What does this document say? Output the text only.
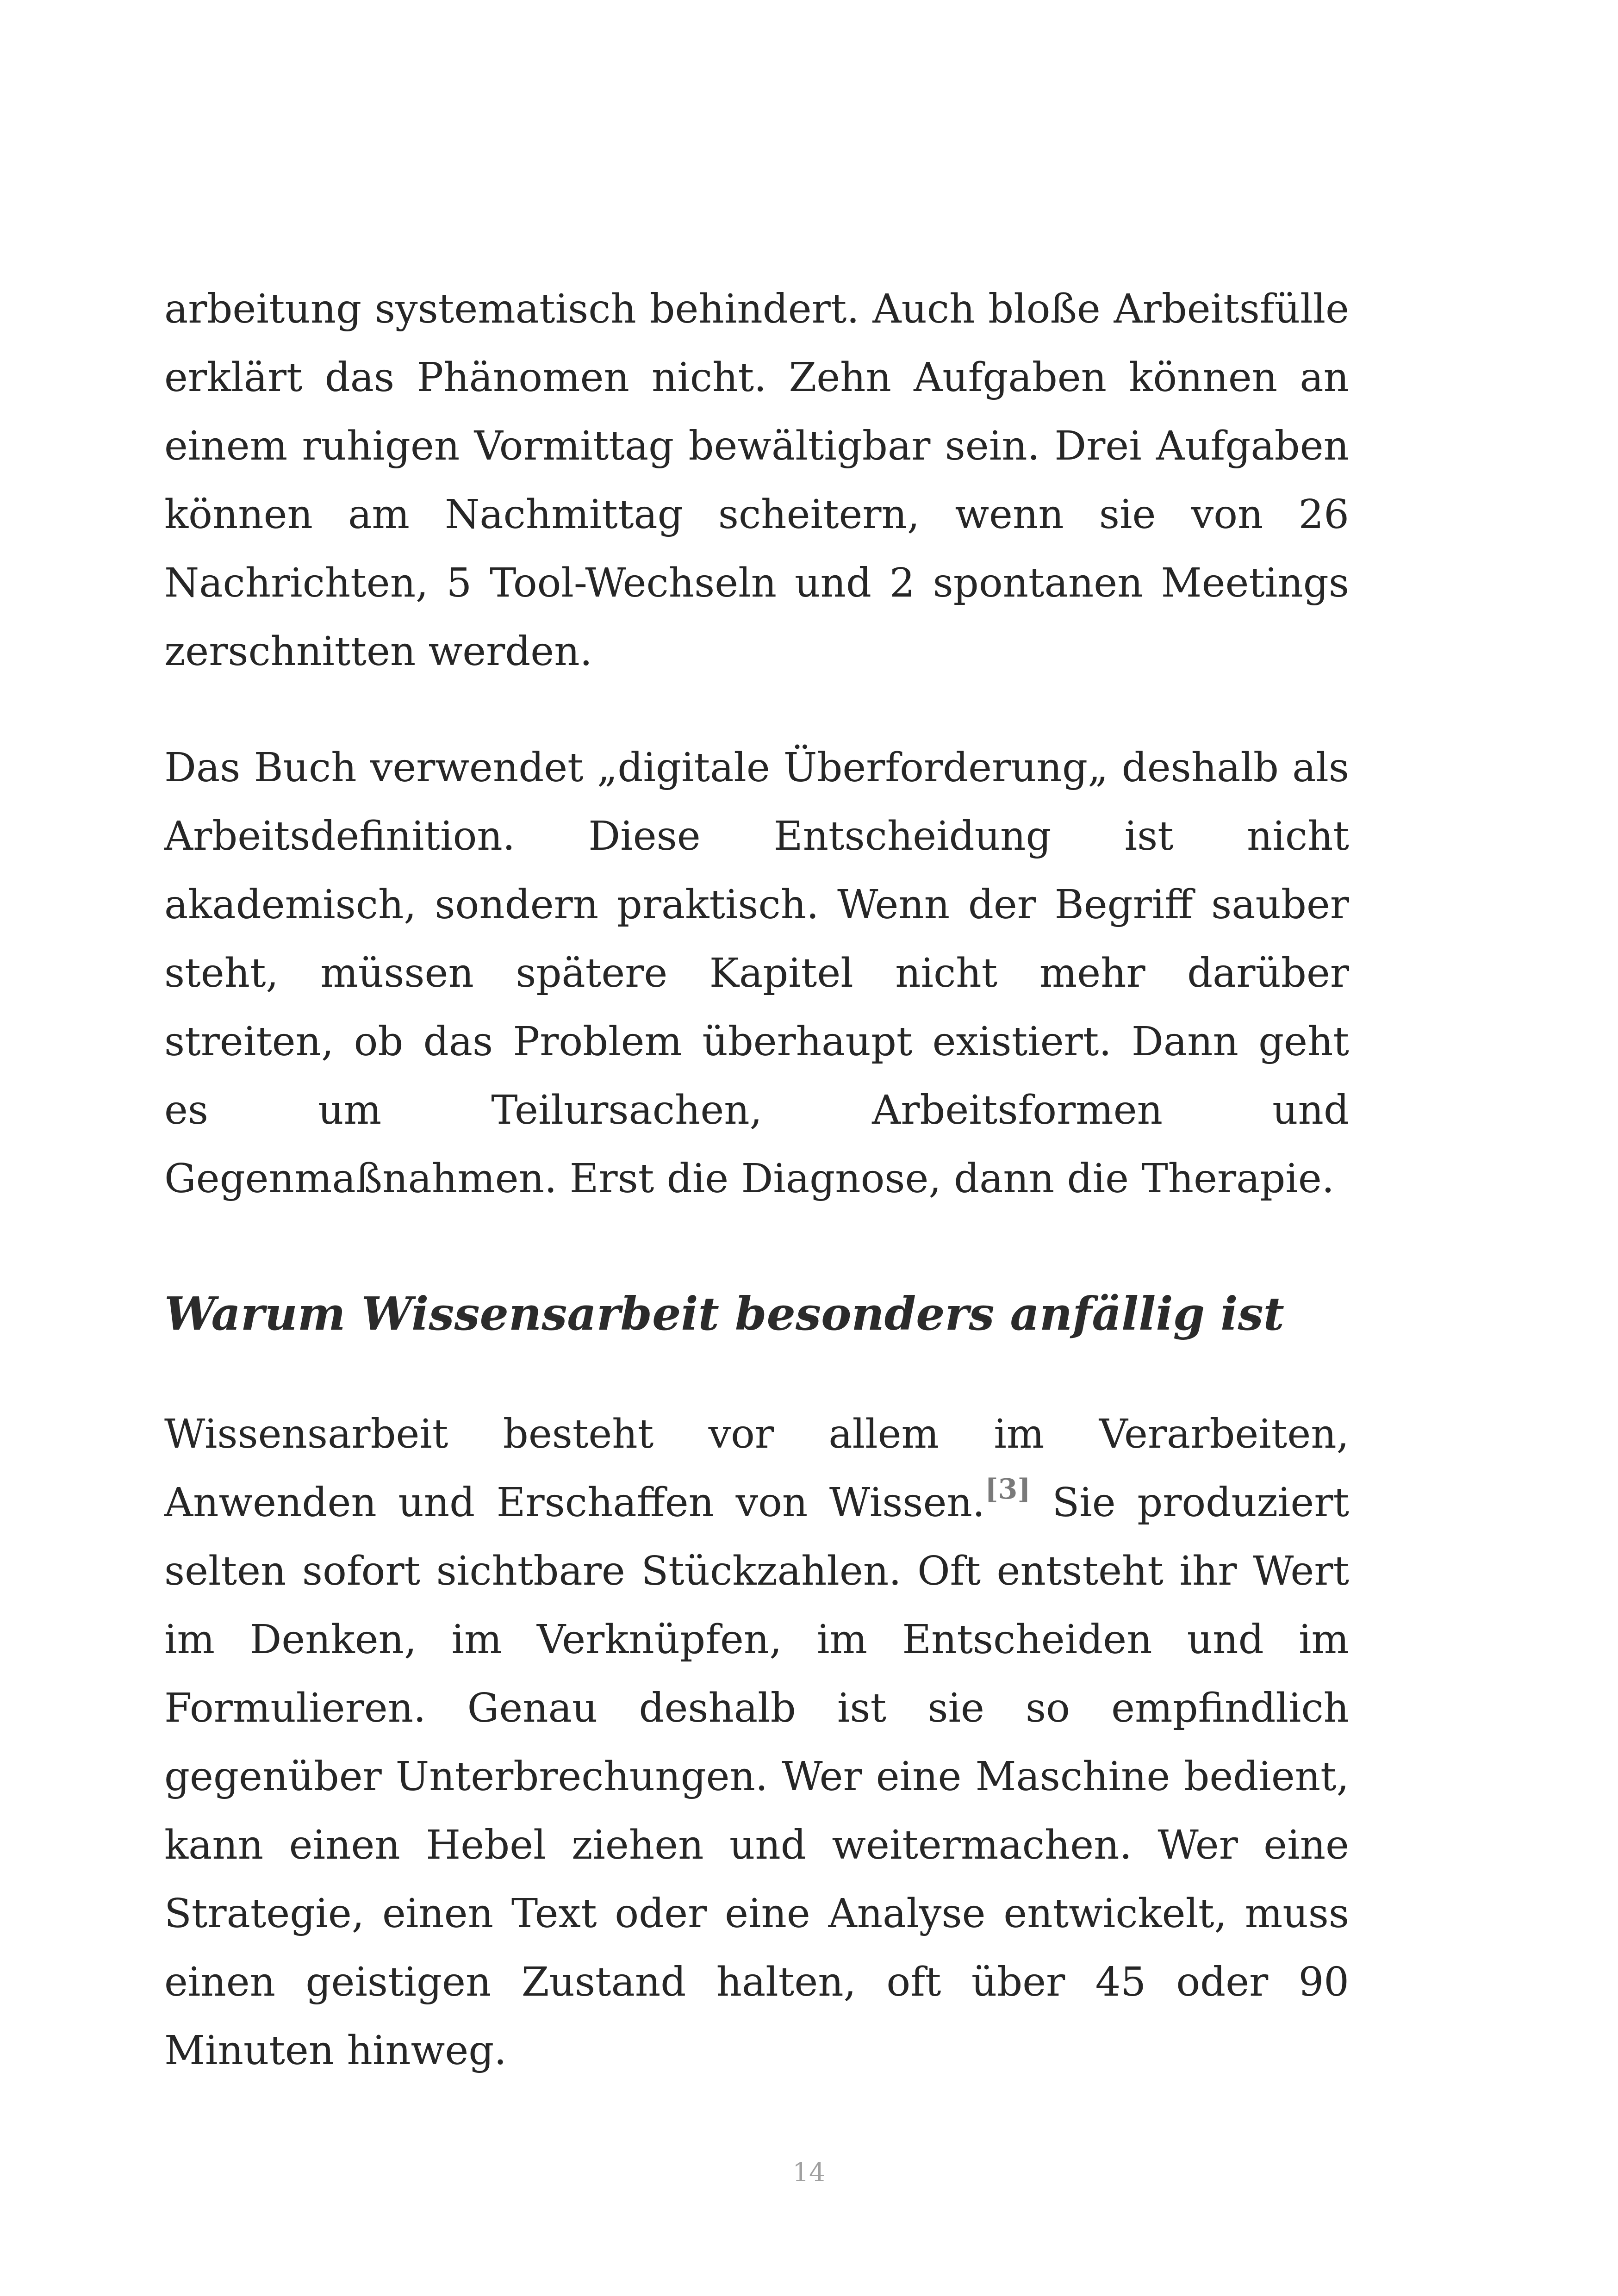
arbeitung systematisch behindert. Auch bloße Arbeitsfülle erklärt das Phänomen nicht. Zehn Aufgaben können an einem ruhigen Vormittag bewältigbar sein. Drei Aufgaben können am Nachmittag scheitern, wenn sie von 26 Nachrichten, 5 Tool-Wechseln und 2 spontanen Meetings zerschnitten werden.

Das Buch verwendet „digitale Überforderung„ deshalb als Arbeitsdefinition. Diese Entscheidung ist nicht akademisch, sondern praktisch. Wenn der Begriff sauber steht, müssen spätere Kapitel nicht mehr darüber streiten, ob das Problem überhaupt existiert. Dann geht es um Teilursachen, Arbeitsformen und Gegenmaßnahmen. Erst die Diagnose, dann die Therapie.

Warum Wissensarbeit besonders anfällig ist

Wissensarbeit besteht vor allem im Verarbeiten, Anwenden und Erschaffen von Wissen.[3] Sie produziert selten sofort sichtbare Stückzahlen. Oft entsteht ihr Wert im Denken, im Verknüpfen, im Entscheiden und im Formulieren. Genau deshalb ist sie so empfindlich gegenüber Unterbrechungen. Wer eine Maschine bedient, kann einen Hebel ziehen und weitermachen. Wer eine Strategie, einen Text oder eine Analyse entwickelt, muss einen geistigen Zustand halten, oft über 45 oder 90 Minuten hinweg.

14
